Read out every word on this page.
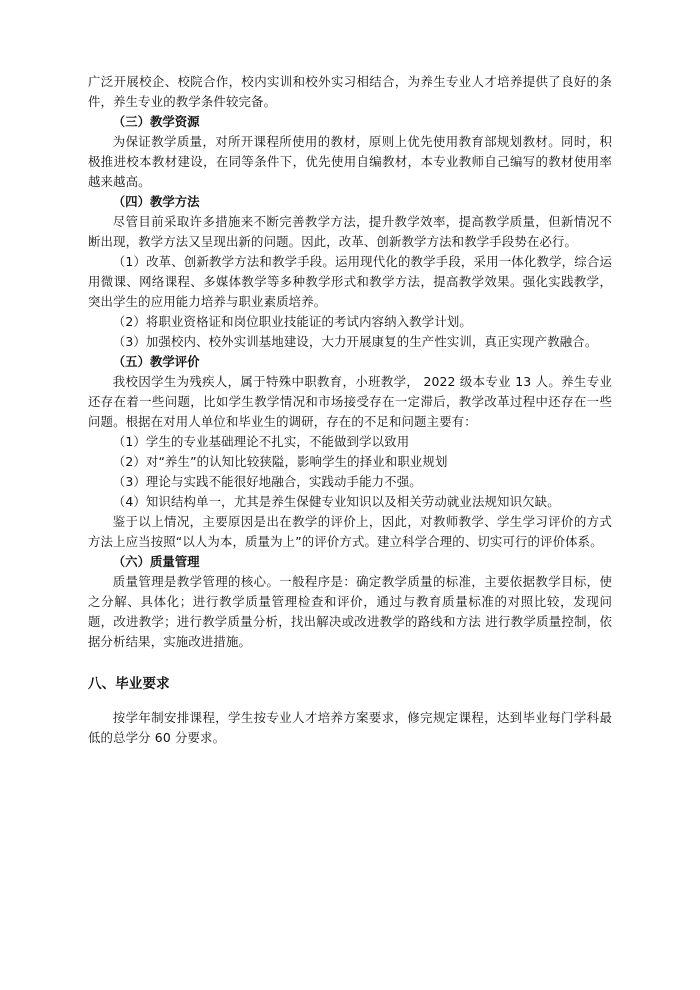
广泛开展校企、校院合作，校内实训和校外实习相结合，为养生专业人才培养提供了良好的条件，养生专业的教学条件较完备。

（三）教学资源

为保证教学质量，对所开课程所使用的教材，原则上优先使用教育部规划教材。同时，积极推进校本教材建设，在同等条件下，优先使用自编教材，本专业教师自己编写的教材使用率越来越高。

（四）教学方法

尽管目前采取许多措施来不断完善教学方法，提升教学效率，提高教学质量，但新情况不断出现，教学方法又呈现出新的问题。因此，改革、创新教学方法和教学手段势在必行。

（1）改革、创新教学方法和教学手段。运用现代化的教学手段，采用一体化教学，综合运用微课、网络课程、多媒体教学等多种教学形式和教学方法，提高教学效果。强化实践教学，突出学生的应用能力培养与职业素质培养。

（2）将职业资格证和岗位职业技能证的考试内容纳入教学计划。

（3）加强校内、校外实训基地建设，大力开展康复的生产性实训，真正实现产教融合。

（五）教学评价

我校因学生为残疾人，属于特殊中职教育，小班教学， 2022 级本专业 13 人。养生专业还存在着一些问题，比如学生教学情况和市场接受存在一定滞后，教学改革过程中还存在一些问题。根据在对用人单位和毕业生的调研，存在的不足和问题主要有：

（1）学生的专业基础理论不扎实，不能做到学以致用

（2）对“养生”的认知比较狭隘，影响学生的择业和职业规划

（3）理论与实践不能很好地融合，实践动手能力不强。

（4）知识结构单一，尤其是养生保健专业知识以及相关劳动就业法规知识欠缺。

鉴于以上情况，主要原因是出在教学的评价上，因此，对教师教学、学生学习评价的方式方法上应当按照“以人为本，质量为上”的评价方式。建立科学合理的、切实可行的评价体系。

（六）质量管理

质量管理是教学管理的核心。一般程序是：确定教学质量的标准，主要依据教学目标，使之分解、具体化；进行教学质量管理检查和评价，通过与教育质量标准的对照比较，发现问题，改进教学；进行教学质量分析，找出解决或改进教学的路线和方法 进行教学质量控制，依据分析结果，实施改进措施。

八、毕业要求

按学年制安排课程，学生按专业人才培养方案要求，修完规定课程，达到毕业每门学科最低的总学分 60 分要求。
